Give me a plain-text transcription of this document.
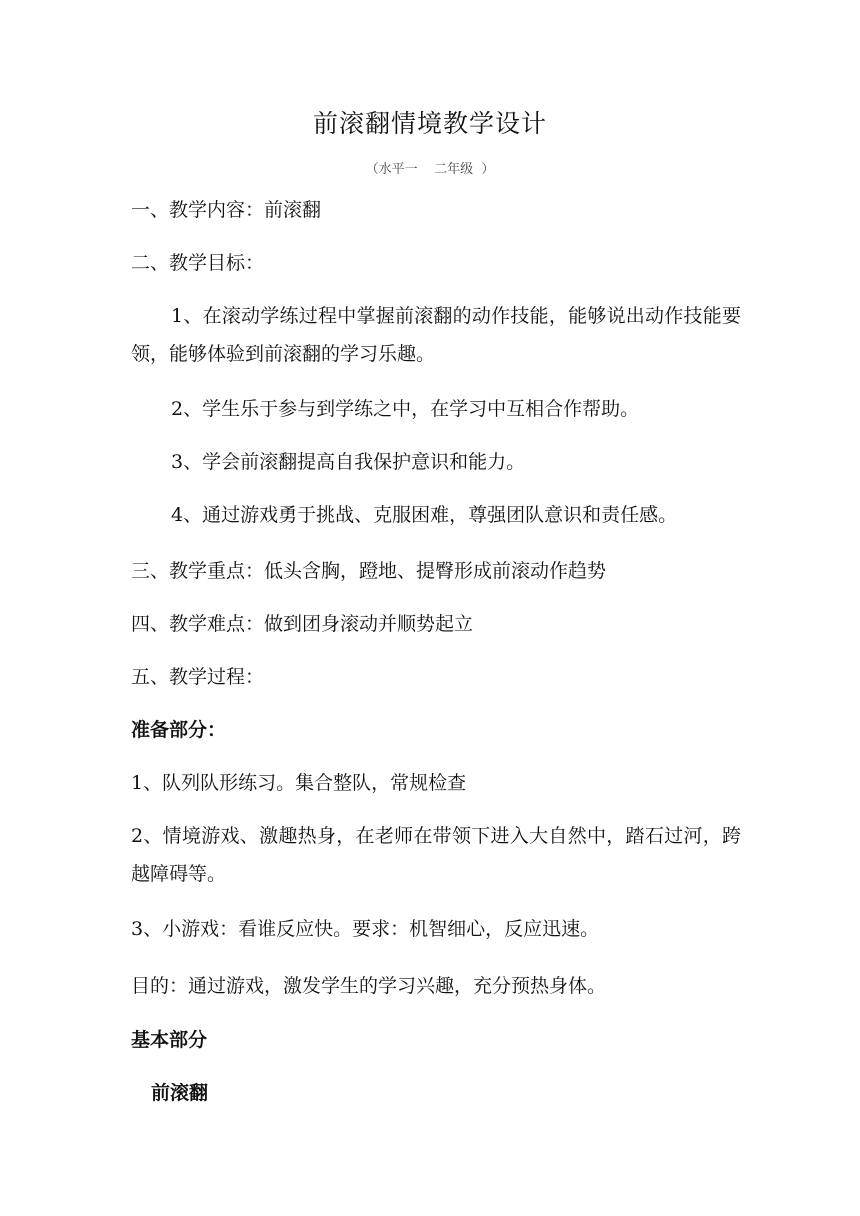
前滚翻情境教学设计

（水平一    二年级  ）

一、教学内容：前滚翻

二、教学目标：

1、在滚动学练过程中掌握前滚翻的动作技能，能够说出动作技能要领，能够体验到前滚翻的学习乐趣。

2、学生乐于参与到学练之中，在学习中互相合作帮助。

3、学会前滚翻提高自我保护意识和能力。

4、通过游戏勇于挑战、克服困难，尊强团队意识和责任感。

三、教学重点：低头含胸，蹬地、提臀形成前滚动作趋势

四、教学难点：做到团身滚动并顺势起立

五、教学过程：

准备部分：

1、队列队形练习。集合整队，常规检查

2、情境游戏、激趣热身，在老师在带领下进入大自然中，踏石过河，跨越障碍等。

3、小游戏：看谁反应快。要求：机智细心，反应迅速。

目的：通过游戏，激发学生的学习兴趣，充分预热身体。

基本部分

前滚翻
